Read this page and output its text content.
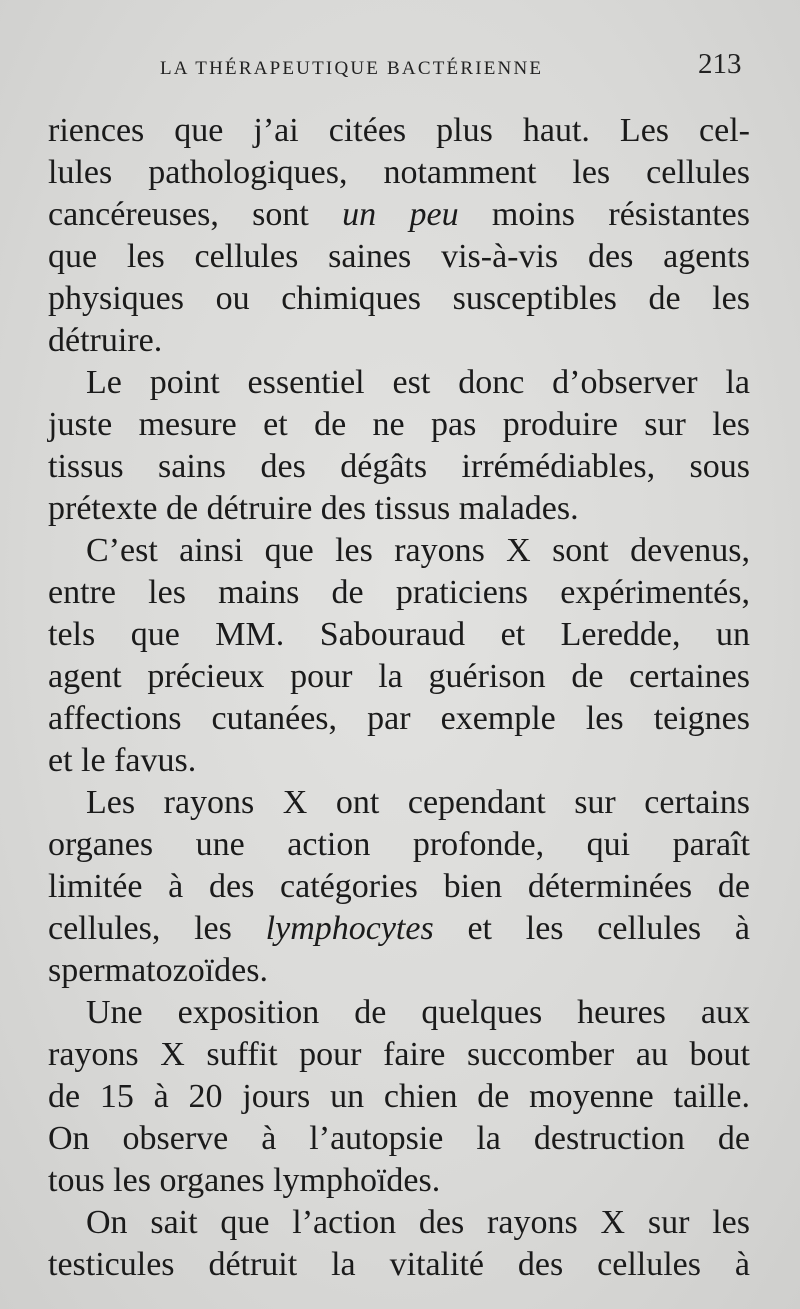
LA THÉRAPEUTIQUE BACTÉRIENNE	213
riences que j’ai citées plus haut. Les cel-
lules pathologiques, notamment les cellules
cancéreuses, sont un peu moins résistantes
que les cellules saines vis-à-vis des agents
physiques ou chimiques susceptibles de les
détruire.
Le point essentiel est donc d’observer la
juste mesure et de ne pas produire sur les
tissus sains des dégâts irrémédiables, sous
prétexte de détruire des tissus malades.
C’est ainsi que les rayons X sont devenus,
entre les mains de praticiens expérimentés,
tels que MM. Sabouraud et Leredde, un
agent précieux pour la guérison de certaines
affections cutanées, par exemple les teignes
et le favus.
Les rayons X ont cependant sur certains
organes une action profonde, qui paraît
limitée à des catégories bien déterminées de
cellules, les lymphocytes et les cellules à
spermatozoïdes.
Une exposition de quelques heures aux
rayons X suffit pour faire succomber au bout
de 15 à 20 jours un chien de moyenne taille.
On observe à l’autopsie la destruction de
tous les organes lymphoïdes.
On sait que l’action des rayons X sur les
testicules détruit la vitalité des cellules à
